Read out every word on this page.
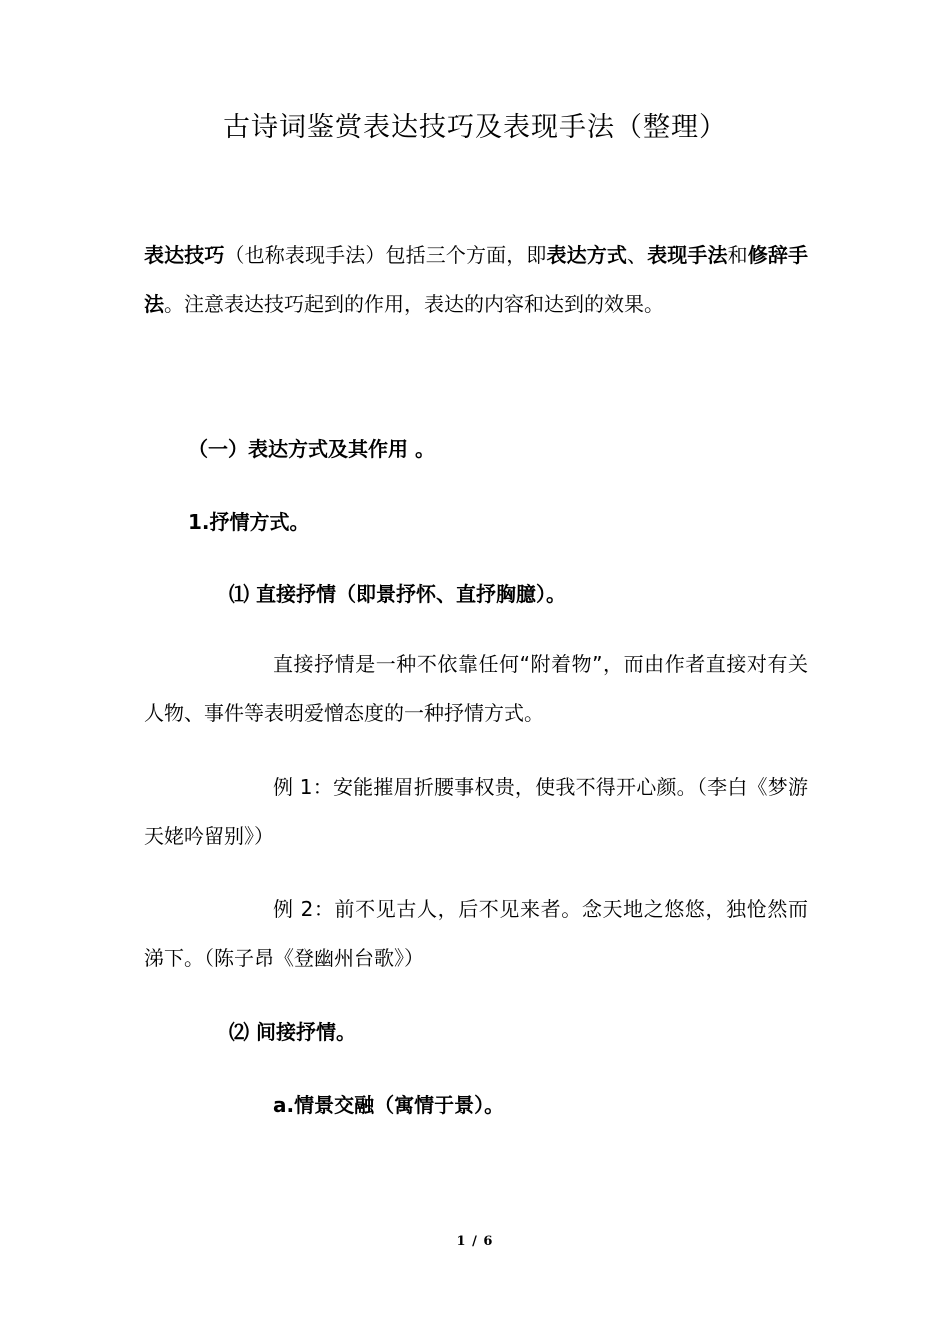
古诗词鉴赏表达技巧及表现手法（整理）
表达技巧（也称表现手法）包括三个方面，即表达方式、表现手法和修辞手法。注意表达技巧起到的作用，表达的内容和达到的效果。
（一）表达方式及其作用 。
1.抒情方式。
⑴ 直接抒情（即景抒怀、直抒胸臆）。
直接抒情是一种不依靠任何“附着物”，而由作者直接对有关人物、事件等表明爱憎态度的一种抒情方式。
例 1：安能摧眉折腰事权贵，使我不得开心颜。（李白《梦游天姥吟留别》）
例 2：前不见古人，后不见来者。念天地之悠悠，独怆然而涕下。（陈子昂《登幽州台歌》）
⑵ 间接抒情。
a.情景交融（寓情于景）。
1 / 6
